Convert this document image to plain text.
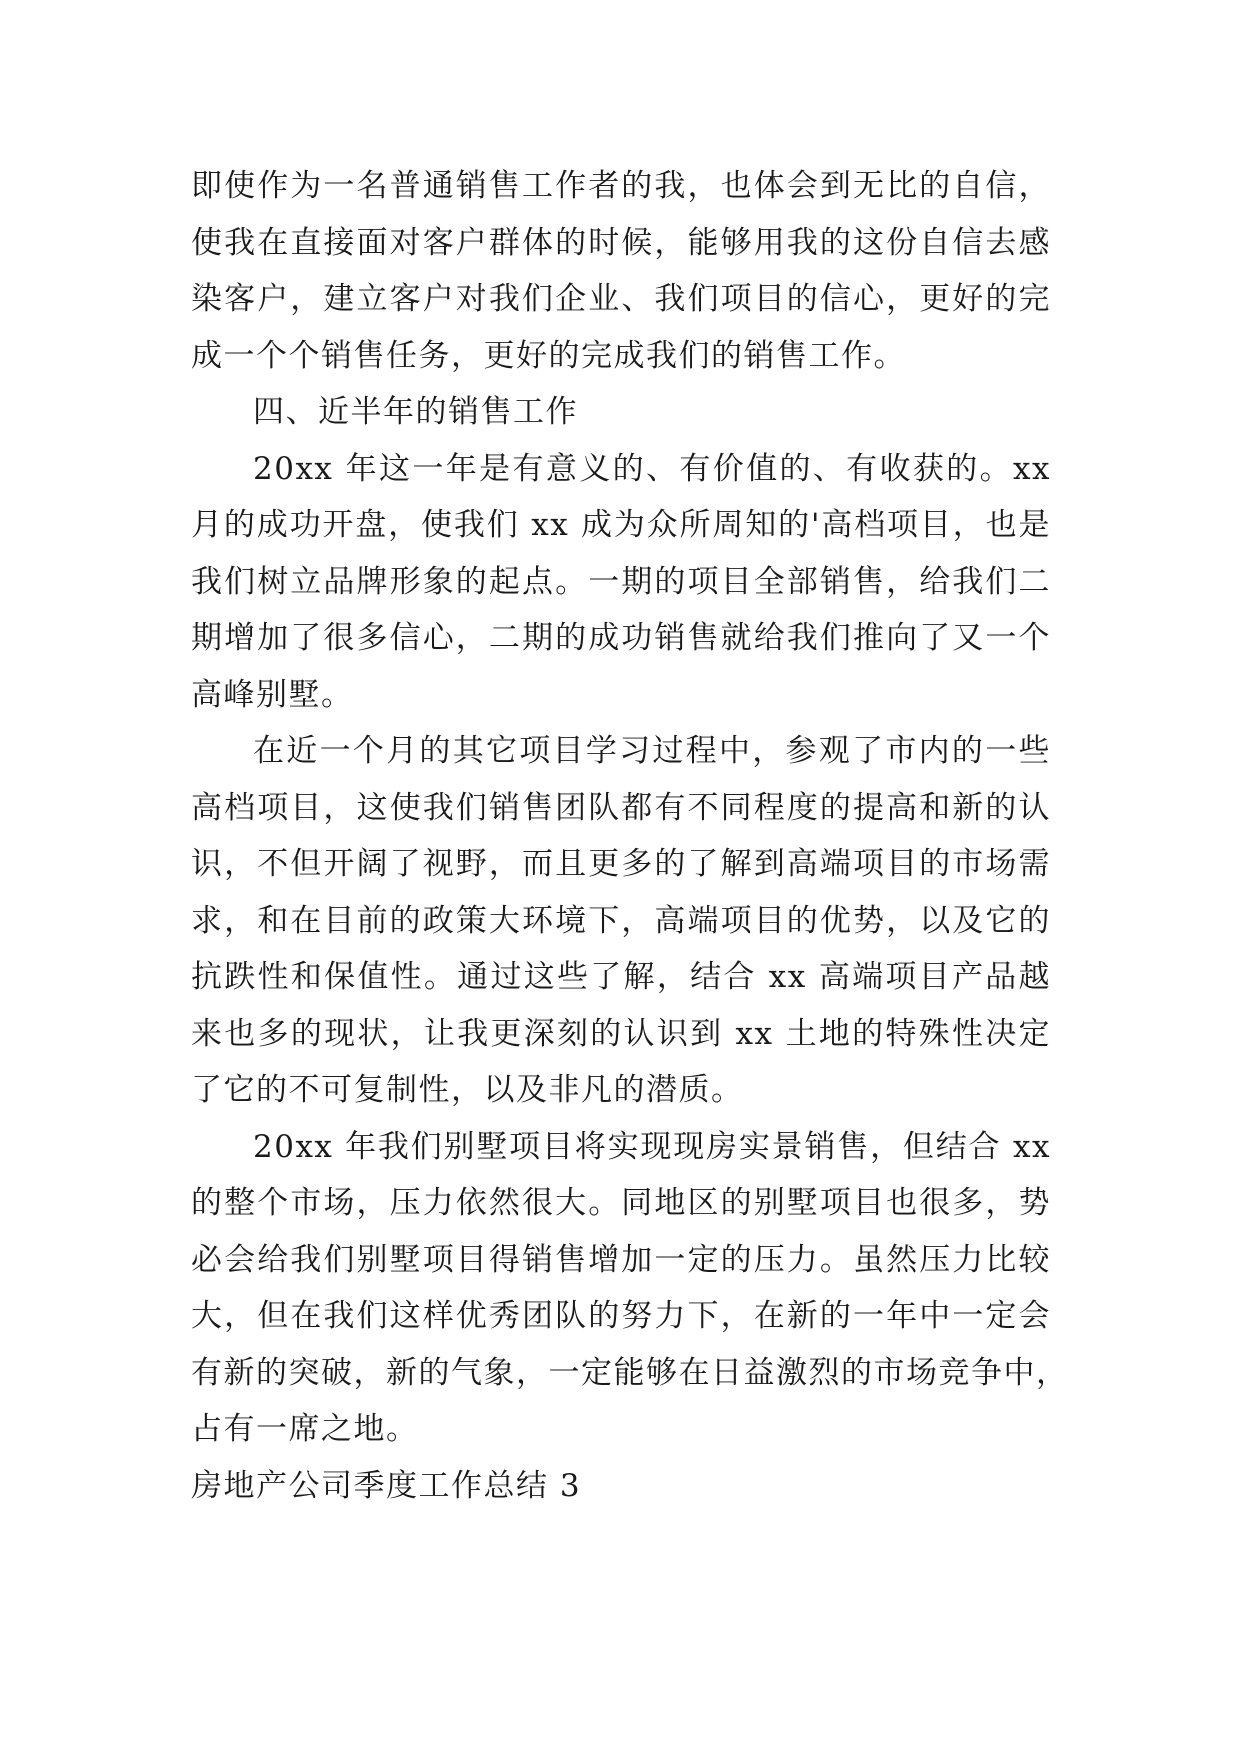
即使作为一名普通销售工作者的我，也体会到无比的自信，
使我在直接面对客户群体的时候，能够用我的这份自信去感
染客户，建立客户对我们企业、我们项目的信心，更好的完
成一个个销售任务，更好的完成我们的销售工作。
四、近半年的销售工作
20xx 年这一年是有意义的、有价值的、有收获的。xx
月的成功开盘，使我们 xx 成为众所周知的'高档项目，也是
我们树立品牌形象的起点。一期的项目全部销售，给我们二
期增加了很多信心，二期的成功销售就给我们推向了又一个
高峰别墅。
在近一个月的其它项目学习过程中，参观了市内的一些
高档项目，这使我们销售团队都有不同程度的提高和新的认
识，不但开阔了视野，而且更多的了解到高端项目的市场需
求，和在目前的政策大环境下，高端项目的优势，以及它的
抗跌性和保值性。通过这些了解，结合 xx 高端项目产品越
来也多的现状，让我更深刻的认识到 xx 土地的特殊性决定
了它的不可复制性，以及非凡的潜质。
20xx 年我们别墅项目将实现现房实景销售，但结合 xx
的整个市场，压力依然很大。同地区的别墅项目也很多，势
必会给我们别墅项目得销售增加一定的压力。虽然压力比较
大，但在我们这样优秀团队的努力下，在新的一年中一定会
有新的突破，新的气象，一定能够在日益激烈的市场竞争中，
占有一席之地。
房地产公司季度工作总结 3
